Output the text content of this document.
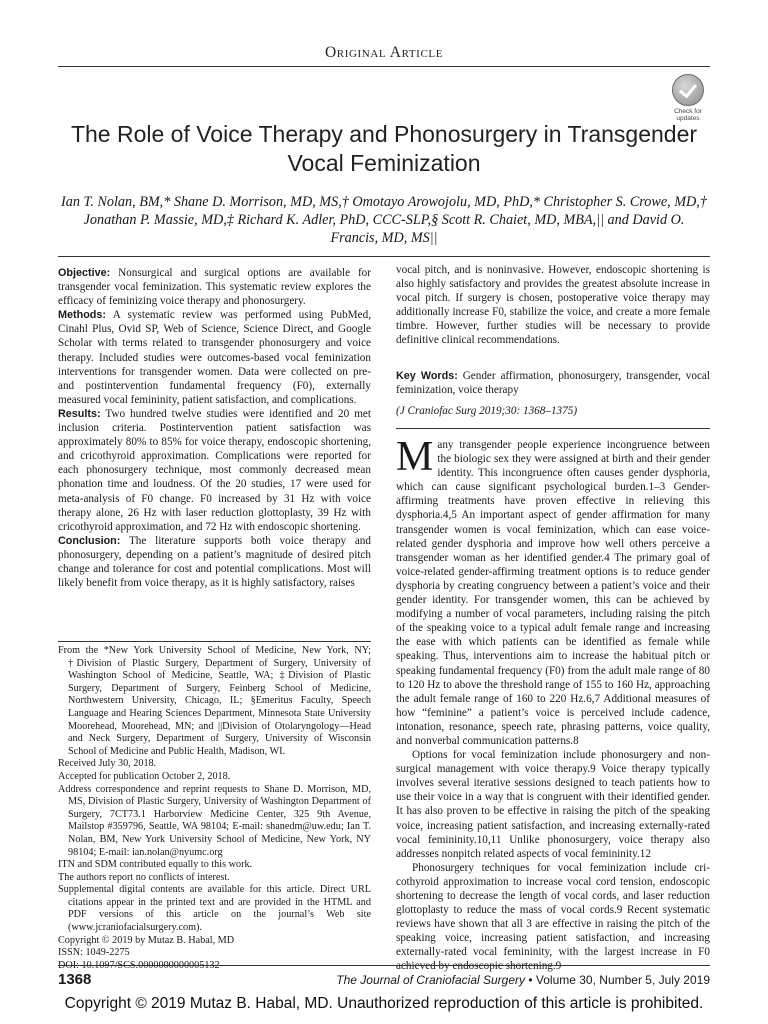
Original Article
Check for updates
The Role of Voice Therapy and Phonosurgery in Transgender Vocal Feminization
Ian T. Nolan, BM,* Shane D. Morrison, MD, MS,† Omotayo Arowojolu, MD, PhD,* Christopher S. Crowe, MD,† Jonathan P. Massie, MD,‡ Richard K. Adler, PhD, CCC-SLP,§ Scott R. Chaiet, MD, MBA,|| and David O. Francis, MD, MS||

Objective: Nonsurgical and surgical options are available for transgender vocal feminization. This systematic review explores the efficacy of feminizing voice therapy and phonosurgery.

Methods: A systematic review was performed using PubMed, Cinahl Plus, Ovid SP, Web of Science, Science Direct, and Google Scholar with terms related to transgender phonosurgery and voice therapy. Included studies were outcomes-based vocal feminization interventions for transgender women. Data were collected on pre- and postintervention fundamental frequency (F0), externally measured vocal femininity, patient satisfaction, and complications.

Results: Two hundred twelve studies were identified and 20 met inclusion criteria. Postintervention patient satisfaction was approximately 80% to 85% for voice therapy, endoscopic shortening, and cricothyroid approximation. Complications were reported for each phonosurgery technique, most commonly decreased mean phonation time and loudness. Of the 20 studies, 17 were used for meta-analysis of F0 change. F0 increased by 31 Hz with voice therapy alone, 26 Hz with laser reduction glottoplasty, 39 Hz with cricothyroid approximation, and 72 Hz with endoscopic shortening.

Conclusion: The literature supports both voice therapy and phonosurgery, depending on a patient’s magnitude of desired pitch change and tolerance for cost and potential complications. Most will likely benefit from voice therapy, as it is highly satisfactory, raises

vocal pitch, and is noninvasive. However, endoscopic shortening is also highly satisfactory and provides the greatest absolute increase in vocal pitch. If surgery is chosen, postoperative voice therapy may additionally increase F0, stabilize the voice, and create a more female timbre. However, further studies will be necessary to provide definitive clinical recommendations.
Key Words: Gender affirmation, phonosurgery, transgender, vocal feminization, voice therapy
(J Craniofac Surg 2019;30: 1368–1375)

Many transgender people experience incongruence between the biologic sex they were assigned at birth and their gender identity. This incongruence often causes gender dysphoria, which can cause significant psychological burden.1–3 Gender-affirming treatments have proven effective in relieving this dysphoria.4,5 An important aspect of gender affirmation for many transgender women is vocal feminization, which can ease voice-related gender dysphoria and improve how well others perceive a transgender woman as her identified gender.4 The primary goal of voice-related gender-affirming treatment options is to reduce gender dysphoria by creating congruency between a patient’s voice and their gender identity. For transgender women, this can be achieved by modifying a number of vocal parameters, including raising the pitch of the speaking voice to a typical adult female range and increasing the ease with which patients can be identified as female while speaking. Thus, interventions aim to increase the habitual pitch or speaking fundamental frequency (F0) from the adult male range of 80 to 120 Hz to above the threshold range of 155 to 160 Hz, approaching the adult female range of 160 to 220 Hz.6,7 Additional measures of how “feminine” a patient’s voice is perceived include cadence, intonation, resonance, speech rate, phrasing patterns, voice quality, and nonverbal communication patterns.8

Options for vocal feminization include phonosurgery and non-surgical management with voice therapy.9 Voice therapy typically involves several iterative sessions designed to teach patients how to use their voice in a way that is congruent with their identified gender. It has also proven to be effective in raising the pitch of the speaking voice, increasing patient satisfaction, and increasing externally-rated vocal femininity.10,11 Unlike phonosurgery, voice therapy also addresses nonpitch related aspects of vocal femininity.12

Phonosurgery techniques for vocal feminization include cri-cothyroid approximation to increase vocal cord tension, endoscopic shortening to decrease the length of vocal cords, and laser reduction glottoplasty to reduce the mass of vocal cords.9 Recent systematic reviews have shown that all 3 are effective in raising the pitch of the speaking voice, increasing patient satisfaction, and increasing externally-rated vocal femininity, with the largest increase in F0 achieved by endoscopic shortening.9

From the *New York University School of Medicine, New York, NY; †Division of Plastic Surgery, Department of Surgery, University of Washington School of Medicine, Seattle, WA; ‡Division of Plastic Surgery, Department of Surgery, Feinberg School of Medicine, Northwestern University, Chicago, IL; §Emeritus Faculty, Speech Language and Hearing Sciences Department, Minnesota State University Moorehead, Moorehead, MN; and ||Division of Otolaryngology—Head and Neck Surgery, Department of Surgery, University of Wisconsin School of Medicine and Public Health, Madison, WI.

Received July 30, 2018.

Accepted for publication October 2, 2018.

Address correspondence and reprint requests to Shane D. Morrison, MD, MS, Division of Plastic Surgery, University of Washington Department of Surgery, 7CT73.1 Harborview Medicine Center, 325 9th Avenue, Mailstop #359796, Seattle, WA 98104; E-mail: shanedm@uw.edu; Ian T. Nolan, BM, New York University School of Medicine, New York, NY 98104; E-mail: ian.nolan@nyumc.org

ITN and SDM contributed equally to this work.

The authors report no conflicts of interest.

Supplemental digital contents are available for this article. Direct URL citations appear in the printed text and are provided in the HTML and PDF versions of this article on the journal’s Web site (www.jcraniofacialsurgery.com).

Copyright © 2019 by Mutaz B. Habal, MD

ISSN: 1049-2275

DOI: 10.1097/SCS.0000000000005132

1368	The Journal of Craniofacial Surgery • Volume 30, Number 5, July 2019
Copyright © 2019 Mutaz B. Habal, MD. Unauthorized reproduction of this article is prohibited.
